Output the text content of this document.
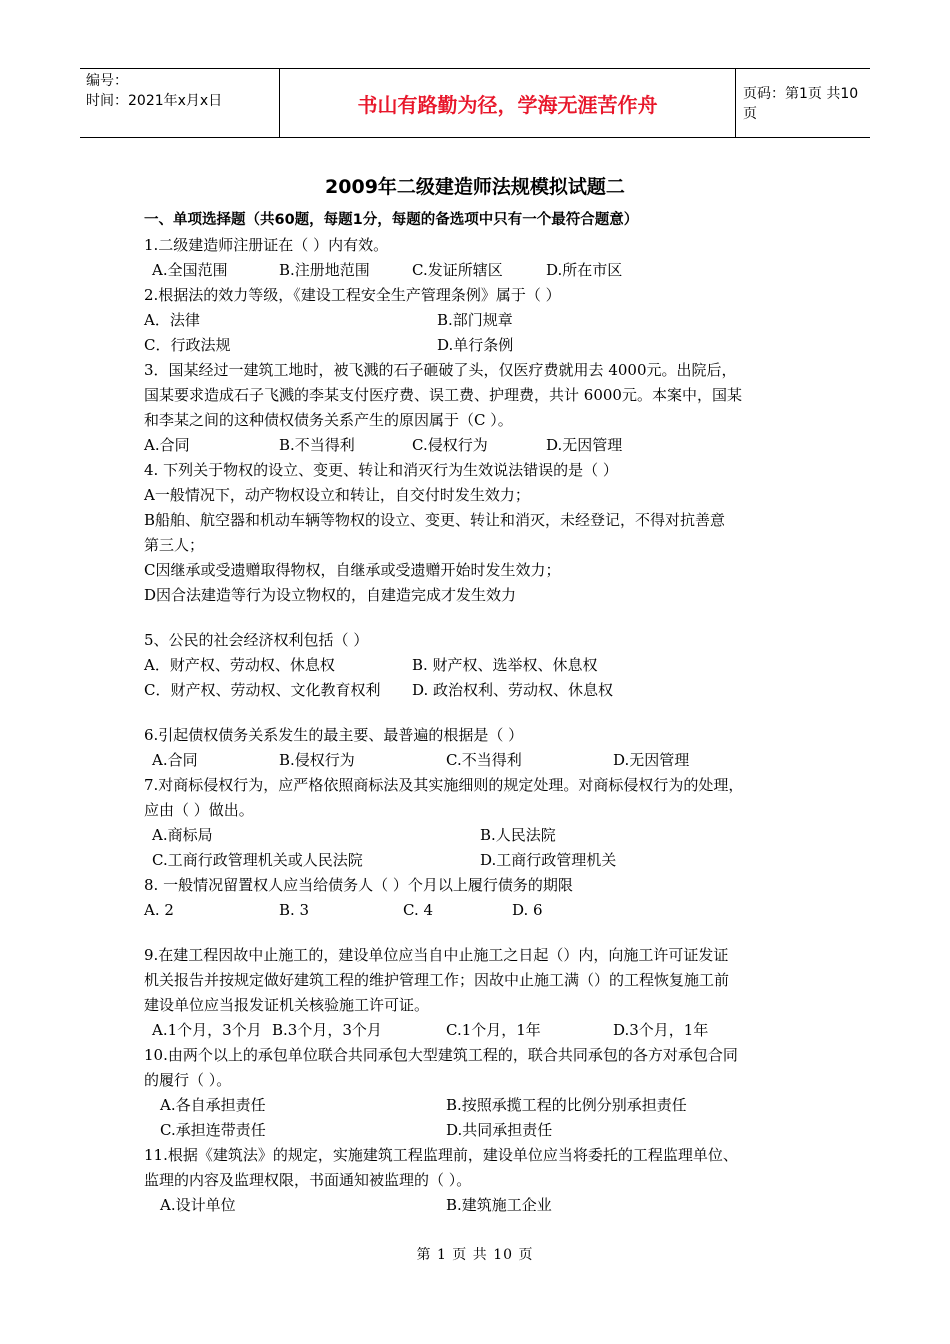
编号：
时间：2021年x月x日	书山有路勤为径，学海无涯苦作舟	页码：第1页 共10页
2009年二级建造师法规模拟试题二
一、单项选择题（共60题，每题1分，每题的备选项中只有一个最符合题意）
1.二级建造师注册证在（ ）内有效。
A.全国范围	B.注册地范围	C.发证所辖区	D.所在市区
2.根据法的效力等级，《建设工程安全生产管理条例》属于（ ）
A．法律	B.部门规章
C．行政法规	D.单行条例
3．国某经过一建筑工地时，被飞溅的石子砸破了头，仅医疗费就用去 4000元。出院后，
国某要求造成石子飞溅的李某支付医疗费、误工费、护理费，共计 6000元。本案中，国某
和李某之间的这种债权债务关系产生的原因属于（C ）。
A.合同	B.不当得利	C.侵权行为	D.无因管理
4. 下列关于物权的设立、变更、转让和消灭行为生效说法错误的是（ ）
A一般情况下，动产物权设立和转让，自交付时发生效力；
B船舶、航空器和机动车辆等物权的设立、变更、转让和消灭，未经登记，不得对抗善意
第三人；
C因继承或受遗赠取得物权，自继承或受遗赠开始时发生效力；
D因合法建造等行为设立物权的，自建造完成才发生效力
5、公民的社会经济权利包括（ ）
A．财产权、劳动权、休息权	B. 财产权、选举权、休息权
C．财产权、劳动权、文化教育权利 D. 政治权利、劳动权、休息权
6.引起债权债务关系发生的最主要、最普遍的根据是（ ）
A.合同	B.侵权行为	C.不当得利	D.无因管理
7.对商标侵权行为，应严格依照商标法及其实施细则的规定处理。对商标侵权行为的处理，
应由（ ）做出。
A.商标局	B.人民法院
C.工商行政管理机关或人民法院	D.工商行政管理机关
8. 一般情况留置权人应当给债务人（ ）个月以上履行债务的期限
A. 2	B. 3	C. 4	D. 6
9.在建工程因故中止施工的，建设单位应当自中止施工之日起（）内，向施工许可证发证
机关报告并按规定做好建筑工程的维护管理工作；因故中止施工满（）的工程恢复施工前
建设单位应当报发证机关核验施工许可证。
A.1个月，3个月 B.3个月，3个月	C.1个月，1年	D.3个月，1年
10.由两个以上的承包单位联合共同承包大型建筑工程的，联合共同承包的各方对承包合同
的履行（ ）。
A.各自承担责任	B.按照承揽工程的比例分别承担责任
C.承担连带责任	D.共同承担责任
11.根据《建筑法》的规定，实施建筑工程监理前，建设单位应当将委托的工程监理单位、
监理的内容及监理权限，书面通知被监理的（ ）。
A.设计单位	B.建筑施工企业
第 1 页 共 10 页
